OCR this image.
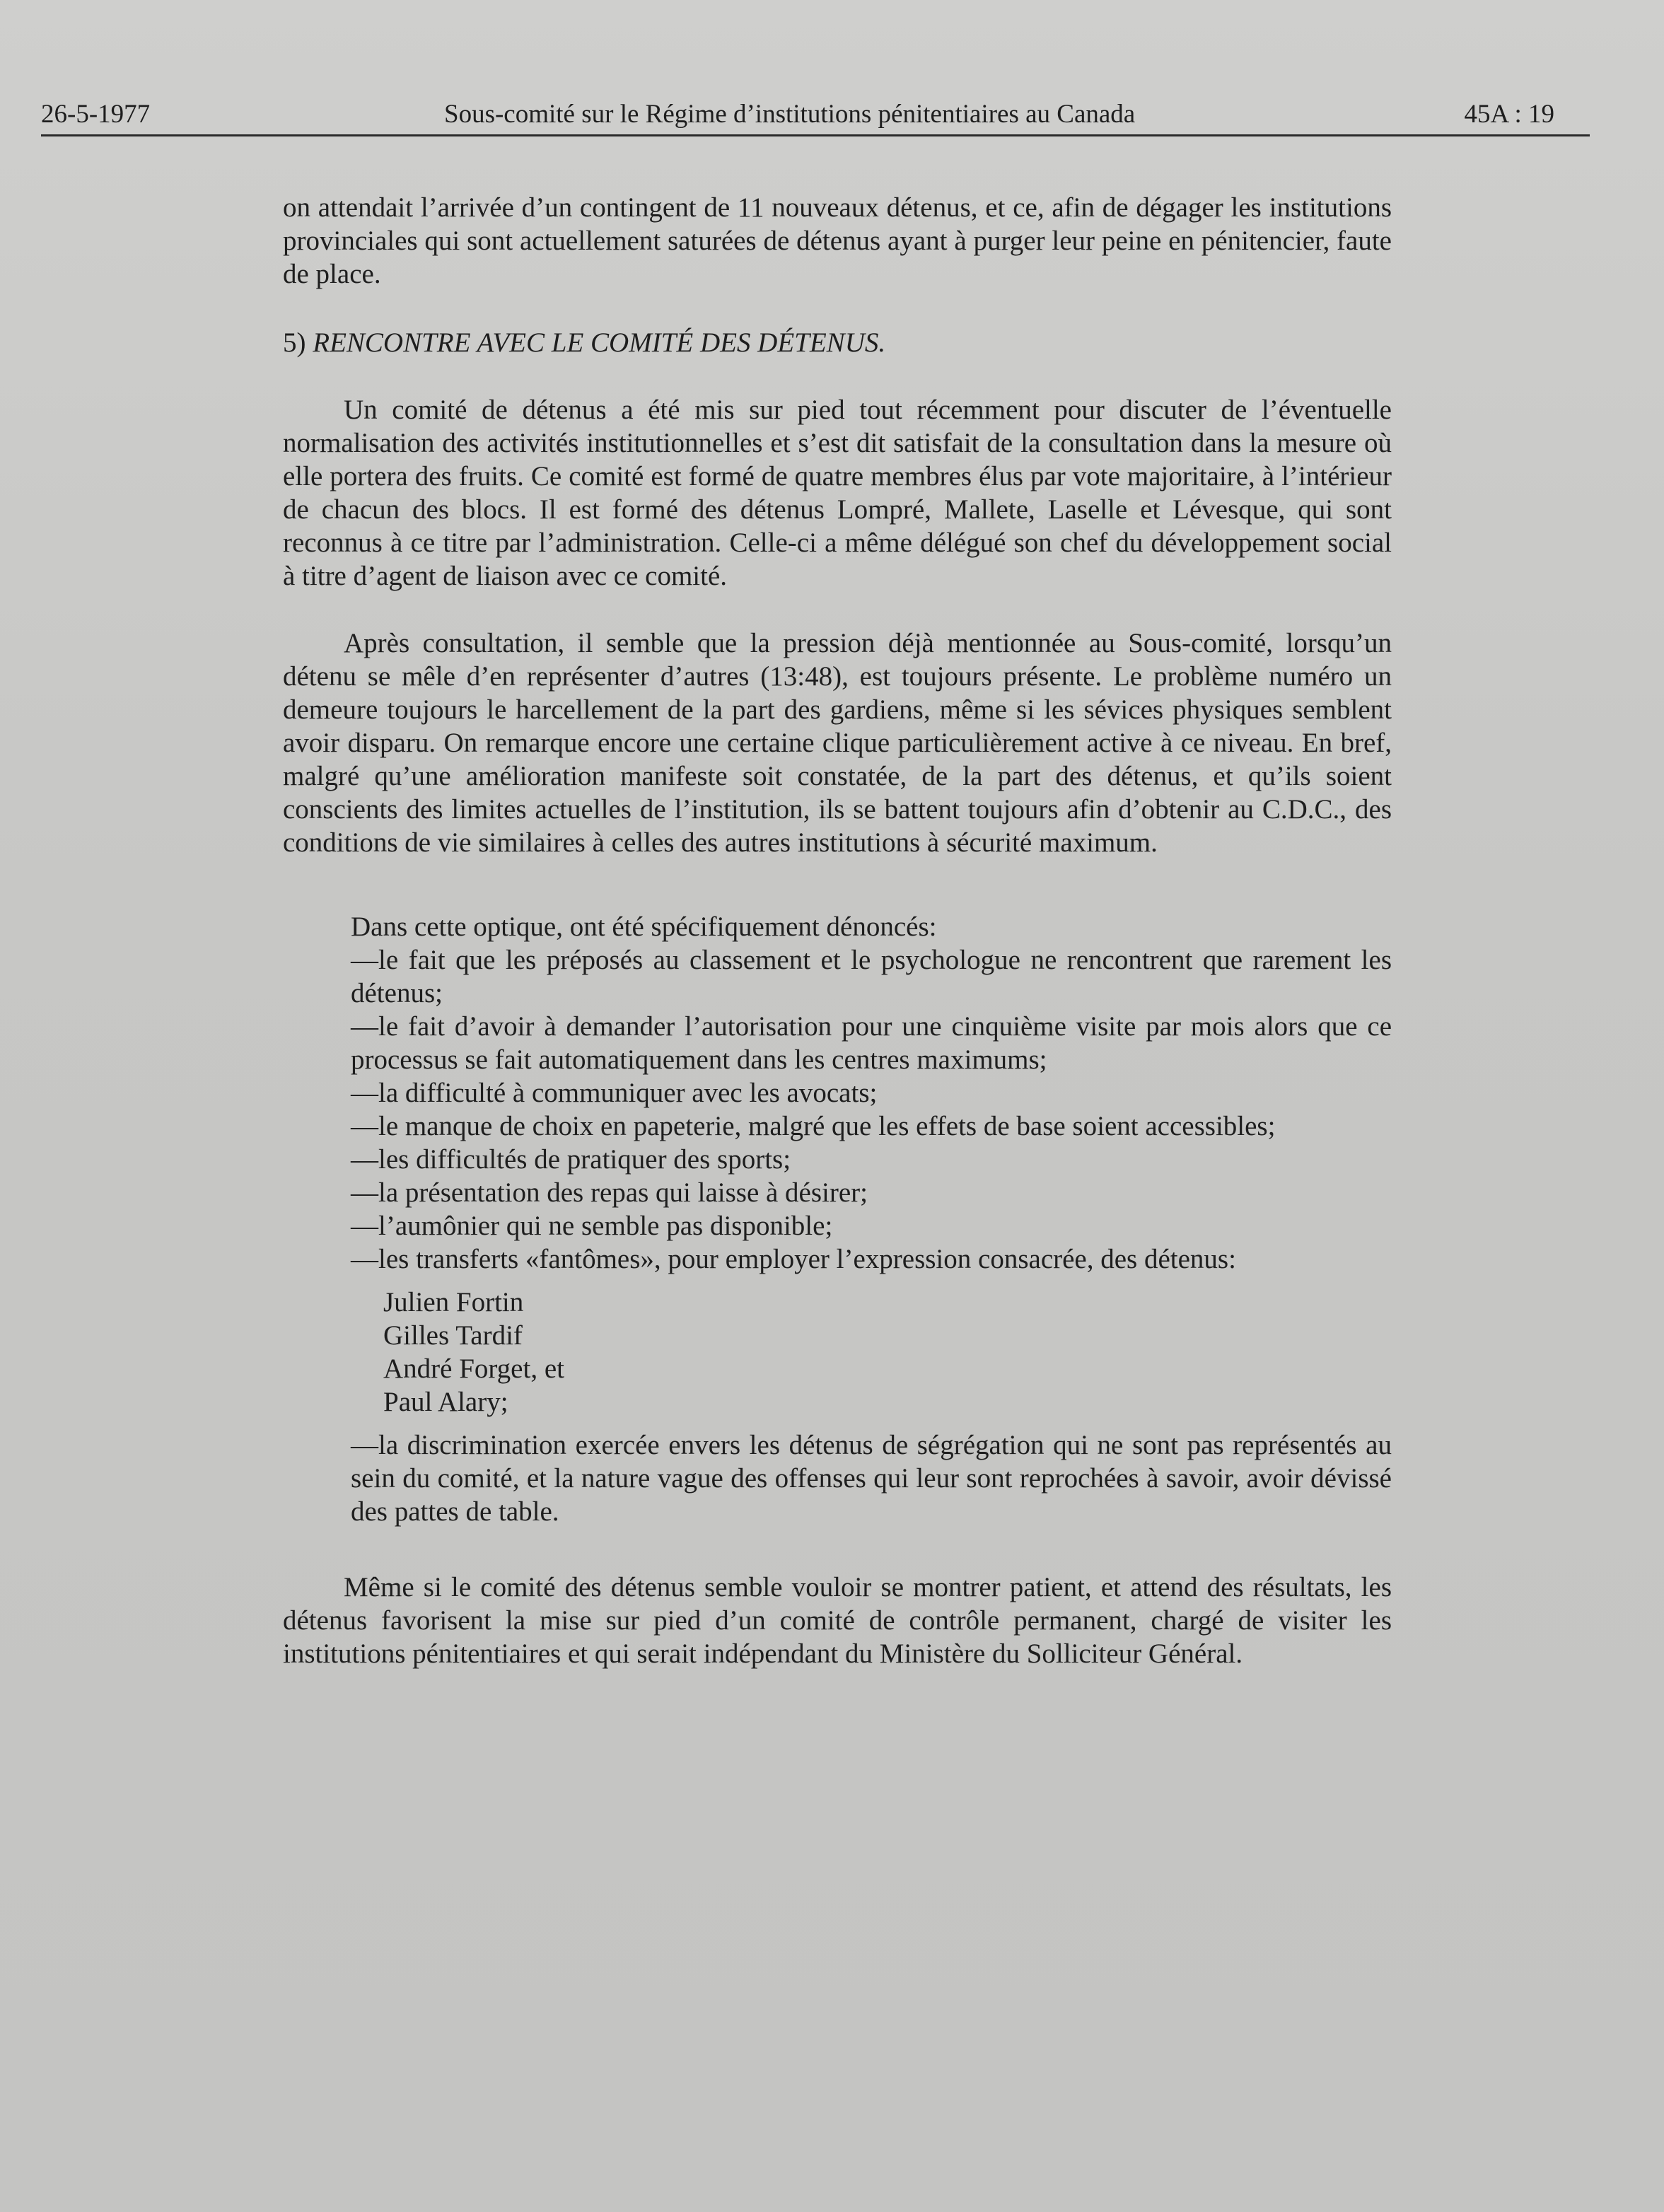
26-5-1977	Sous-comité sur le Régime d’institutions pénitentiaires au Canada	45A : 19

on attendait l’arrivée d’un contingent de 11 nouveaux détenus, et ce, afin de dégager les institutions provinciales qui sont actuellement saturées de détenus ayant à purger leur peine en pénitencier, faute de place.

5) RENCONTRE AVEC LE COMITÉ DES DÉTENUS.

Un comité de détenus a été mis sur pied tout récemment pour discuter de l’éventuelle normalisation des activités institutionnelles et s’est dit satisfait de la consultation dans la mesure où elle portera des fruits. Ce comité est formé de quatre membres élus par vote majoritaire, à l’intérieur de chacun des blocs. Il est formé des détenus Lompré, Mallete, Laselle et Lévesque, qui sont reconnus à ce titre par l’administration. Celle-ci a même délégué son chef du développement social à titre d’agent de liaison avec ce comité.

Après consultation, il semble que la pression déjà mentionnée au Sous-comité, lorsqu’un détenu se mêle d’en représenter d’autres (13:48), est toujours présente. Le problème numéro un demeure toujours le harcellement de la part des gardiens, même si les sévices physiques semblent avoir disparu. On remarque encore une certaine clique particulièrement active à ce niveau. En bref, malgré qu’une amélioration manifeste soit constatée, de la part des détenus, et qu’ils soient conscients des limites actuelles de l’institution, ils se battent toujours afin d’obtenir au C.D.C., des conditions de vie similaires à celles des autres institutions à sécurité maximum.

Dans cette optique, ont été spécifiquement dénoncés:

—le fait que les préposés au classement et le psychologue ne rencontrent que rarement les détenus;
—le fait d’avoir à demander l’autorisation pour une cinquième visite par mois alors que ce processus se fait automatiquement dans les centres maximums;
—la difficulté à communiquer avec les avocats;
—le manque de choix en papeterie, malgré que les effets de base soient accessibles;
—les difficultés de pratiquer des sports;
—la présentation des repas qui laisse à désirer;
—l’aumônier qui ne semble pas disponible;
—les transferts «fantômes», pour employer l’expression consacrée, des détenus:
Julien Fortin
Gilles Tardif
André Forget, et
Paul Alary;
—la discrimination exercée envers les détenus de ségrégation qui ne sont pas représentés au sein du comité, et la nature vague des offenses qui leur sont reprochées à savoir, avoir dévissé des pattes de table.

Même si le comité des détenus semble vouloir se montrer patient, et attend des résultats, les détenus favorisent la mise sur pied d’un comité de contrôle permanent, chargé de visiter les institutions pénitentiaires et qui serait indépendant du Ministère du Solliciteur Général.
